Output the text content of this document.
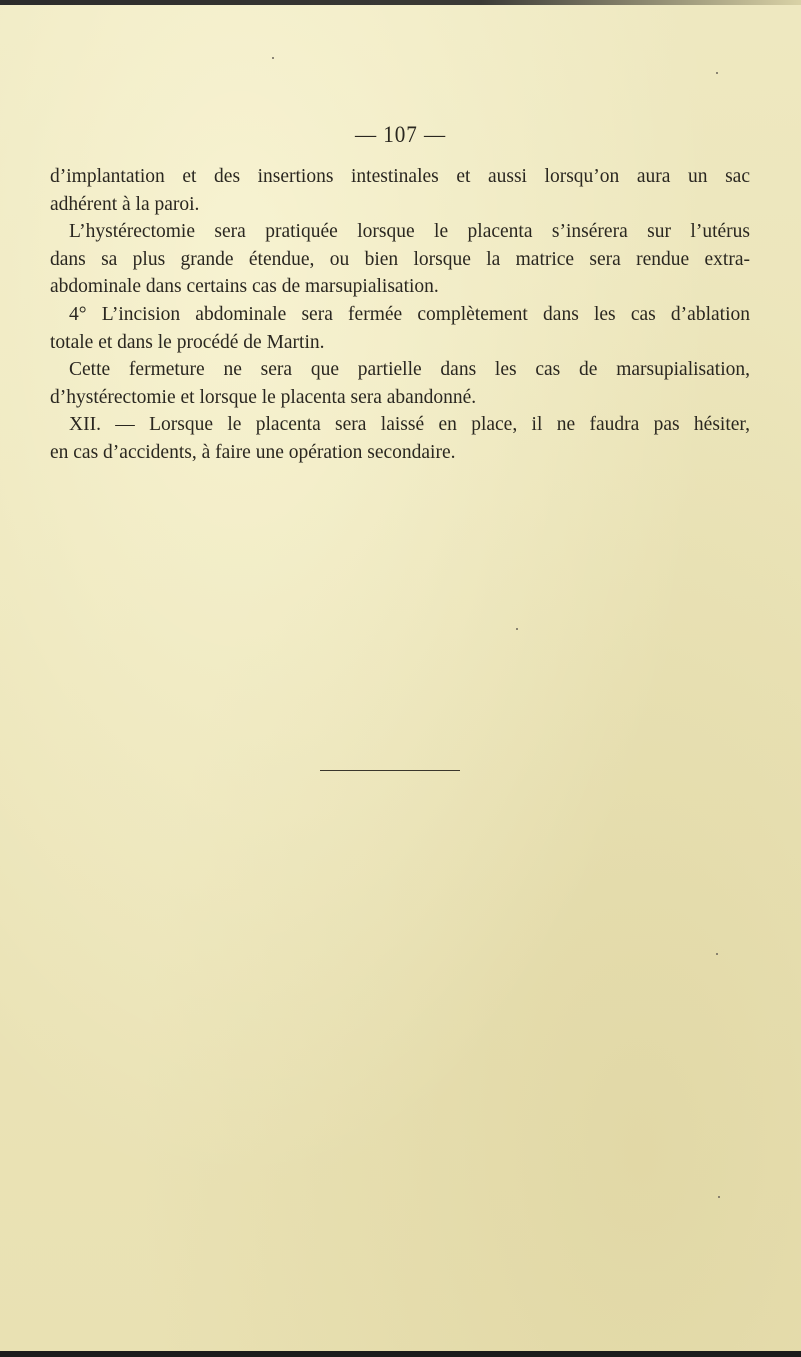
— 107 —
d’implantation et des insertions intestinales et aussi lorsqu’on aura un sac
adhérent à la paroi.
L’hystérectomie sera pratiquée lorsque le placenta s’insérera sur l’utérus
dans sa plus grande étendue, ou bien lorsque la matrice sera rendue extra-
abdominale dans certains cas de marsupialisation.
4° L’incision abdominale sera fermée complètement dans les cas d’ablation
totale et dans le procédé de Martin.
Cette fermeture ne sera que partielle dans les cas de marsupialisation,
d’hystérectomie et lorsque le placenta sera abandonné.
XII. — Lorsque le placenta sera laissé en place, il ne faudra pas hésiter,
en cas d’accidents, à faire une opération secondaire.
